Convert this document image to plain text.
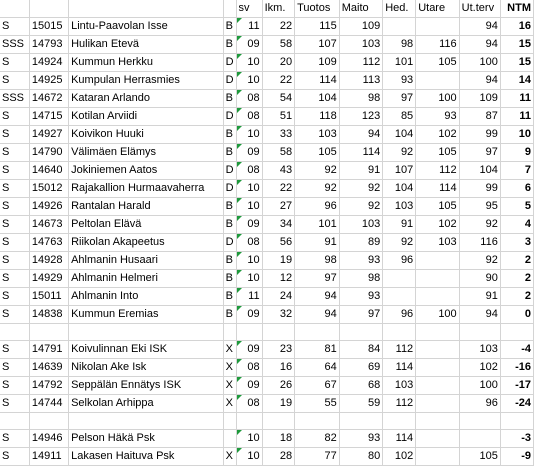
				sv	Ikm.	Tuotos	Maito	Hed.	Utare	Ut.terv	NTM
S	15015	Lintu-Paavolan Isse	B	11	22	115	109			94	16
SSS	14793	Hulikan Etevä	B	09	58	107	103	98	116	94	15
S	14924	Kummun Herkku	D	10	20	109	112	101	105	100	15
S	14925	Kumpulan Herrasmies	D	10	22	114	113	93		94	14
SSS	14672	Kataran Arlando	B	08	54	104	98	97	100	109	11
S	14715	Kotilan Arviidi	D	08	51	118	123	85	93	87	11
S	14927	Koivikon Huuki	B	10	33	103	94	104	102	99	10
S	14790	Välimäen Elämys	B	09	58	105	114	92	105	97	9
S	14640	Jokiniemen Aatos	D	08	43	92	91	107	112	104	7
S	15012	Rajakallion Hurmaavaherra	D	10	22	92	92	104	114	99	6
S	14926	Rantalan Harald	B	10	27	96	92	103	105	95	5
S	14673	Peltolan Elävä	B	09	34	101	103	91	102	92	4
S	14763	Riikolan Akapeetus	D	08	56	91	89	92	103	116	3
S	14928	Ahlmanin Husaari	B	10	19	98	93	96		92	2
S	14929	Ahlmanin Helmeri	B	10	12	97	98			90	2
S	15011	Ahlmanin Into	B	11	24	94	93			91	2
S	14838	Kummun Eremias	B	09	32	94	97	96	100	94	0

S	14791	Koivulinnan Eki ISK	X	09	23	81	84	112		103	-4
S	14639	Nikolan Ake Isk	X	08	16	64	69	114		102	-16
S	14792	Seppälän Ennätys ISK	X	09	26	67	68	103		100	-17
S	14744	Selkolan Arhippa	X	08	19	55	59	112		96	-24

S	14946	Pelson Häkä Psk		10	18	82	93	114			-3
S	14911	Lakasen Haituva Psk	X	10	28	77	80	102		105	-9
